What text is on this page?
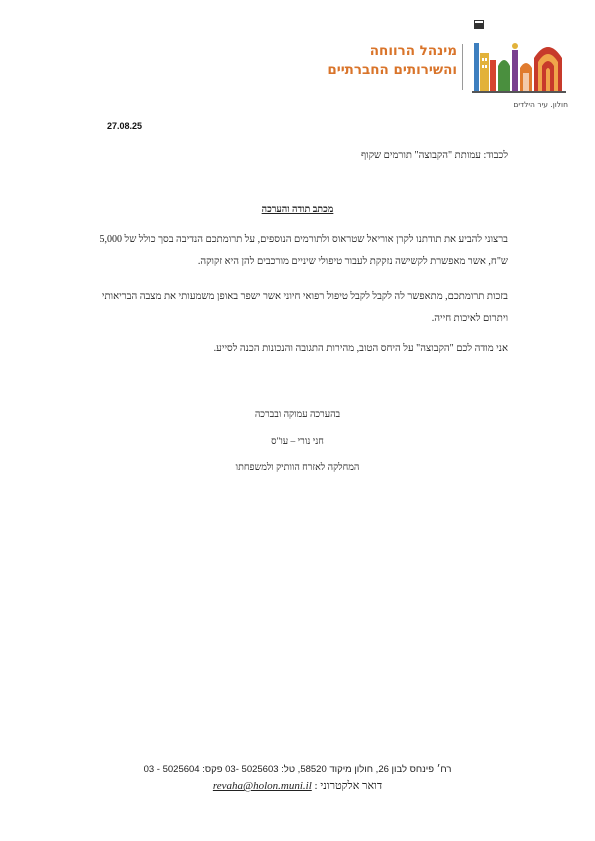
מינהל הרווחה
והשירותים החברתיים
חולון. עיר הילדים
27.08.25
לכבוד: עמותת "הקבוצה" תורמים שקוף
מכתב תודה והערכה
ברצוני להביע את תודתנו לקרן אוריאל שטראוס ולתורמים הנוספים, על תרומתכם הנדיבה בסך כולל של 5,000 ש"ח, אשר מאפשרת לקשישה נזקקת לעבור טיפולי שיניים מורכבים להן היא זקוקה.
בזכות תרומתכם, מתאפשר לה לקבל לקבל טיפול רפואי חיוני אשר ישפר באופן משמעותי את מצבה הבריאותי ויתרום לאיכות חייה.
אני מודה לכם "הקבוצה" על היחס הטוב, מהירות התגובה והנכונות הכנה לסייע.
בהערכה עמוקה ובברכה
חני נורי – עו"ס
המחלקה לאזרח הוותיק ולמשפחתו
רח׳ פינחס לבון 26, חולון מיקוד 58520, טל: 5025603 -03 פקס: 5025604 - 03
דואר אלקטרוני : revaha@holon.muni.il
